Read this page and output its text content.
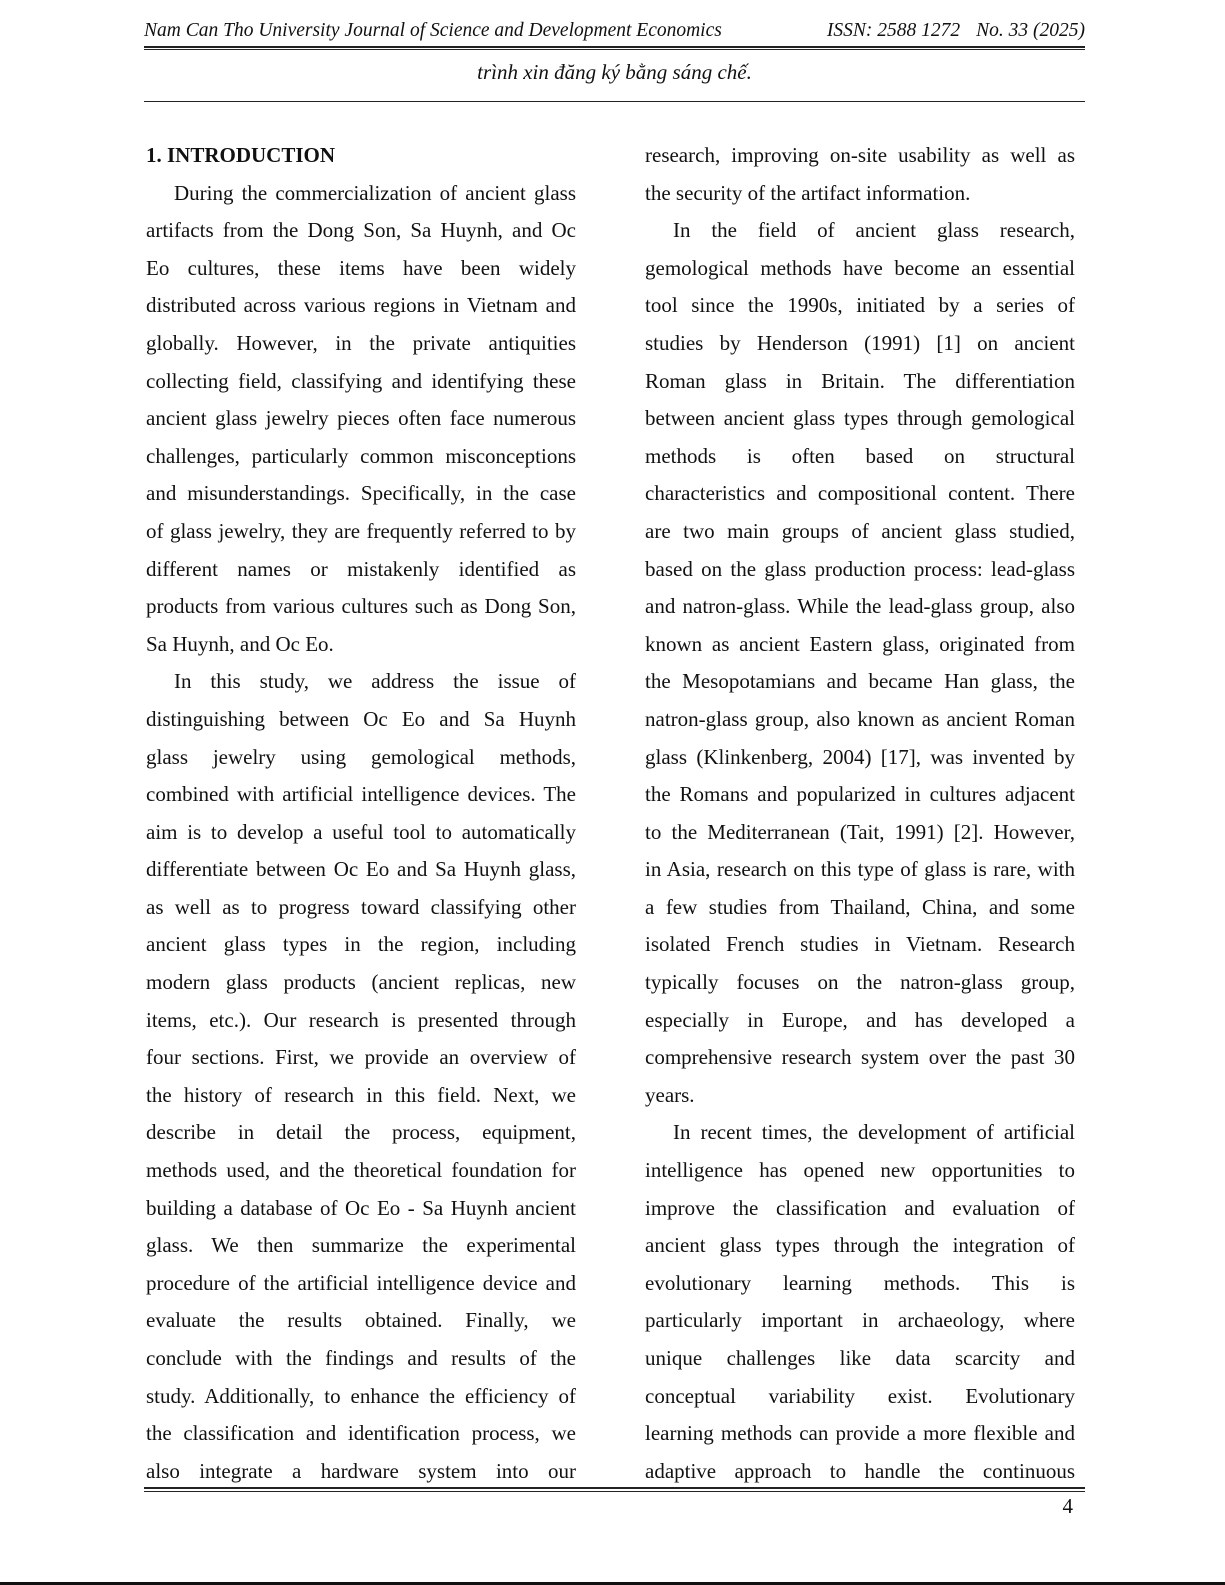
Nam Can Tho University Journal of Science and Development Economics	ISSN: 2588 1272 No. 33 (2025)
trình xin đăng ký bằng sáng chế.
1. INTRODUCTION
During the commercialization of ancient glass
artifacts from the Dong Son, Sa Huynh, and Oc
Eo cultures, these items have been widely
distributed across various regions in Vietnam and
globally. However, in the private antiquities
collecting field, classifying and identifying these
ancient glass jewelry pieces often face numerous
challenges, particularly common misconceptions
and misunderstandings. Specifically, in the case
of glass jewelry, they are frequently referred to by
different names or mistakenly identified as
products from various cultures such as Dong Son,
Sa Huynh, and Oc Eo.
In this study, we address the issue of
distinguishing between Oc Eo and Sa Huynh
glass jewelry using gemological methods,
combined with artificial intelligence devices. The
aim is to develop a useful tool to automatically
differentiate between Oc Eo and Sa Huynh glass,
as well as to progress toward classifying other
ancient glass types in the region, including
modern glass products (ancient replicas, new
items, etc.). Our research is presented through
four sections. First, we provide an overview of
the history of research in this field. Next, we
describe in detail the process, equipment,
methods used, and the theoretical foundation for
building a database of Oc Eo - Sa Huynh ancient
glass. We then summarize the experimental
procedure of the artificial intelligence device and
evaluate the results obtained. Finally, we
conclude with the findings and results of the
study. Additionally, to enhance the efficiency of
the classification and identification process, we
also integrate a hardware system into our
research, improving on-site usability as well as
the security of the artifact information.
In the field of ancient glass research,
gemological methods have become an essential
tool since the 1990s, initiated by a series of
studies by Henderson (1991) [1] on ancient
Roman glass in Britain. The differentiation
between ancient glass types through gemological
methods is often based on structural
characteristics and compositional content. There
are two main groups of ancient glass studied,
based on the glass production process: lead-glass
and natron-glass. While the lead-glass group, also
known as ancient Eastern glass, originated from
the Mesopotamians and became Han glass, the
natron-glass group, also known as ancient Roman
glass (Klinkenberg, 2004) [17], was invented by
the Romans and popularized in cultures adjacent
to the Mediterranean (Tait, 1991) [2]. However,
in Asia, research on this type of glass is rare, with
a few studies from Thailand, China, and some
isolated French studies in Vietnam. Research
typically focuses on the natron-glass group,
especially in Europe, and has developed a
comprehensive research system over the past 30
years.
In recent times, the development of artificial
intelligence has opened new opportunities to
improve the classification and evaluation of
ancient glass types through the integration of
evolutionary learning methods. This is
particularly important in archaeology, where
unique challenges like data scarcity and
conceptual variability exist. Evolutionary
learning methods can provide a more flexible and
adaptive approach to handle the continuous
4
